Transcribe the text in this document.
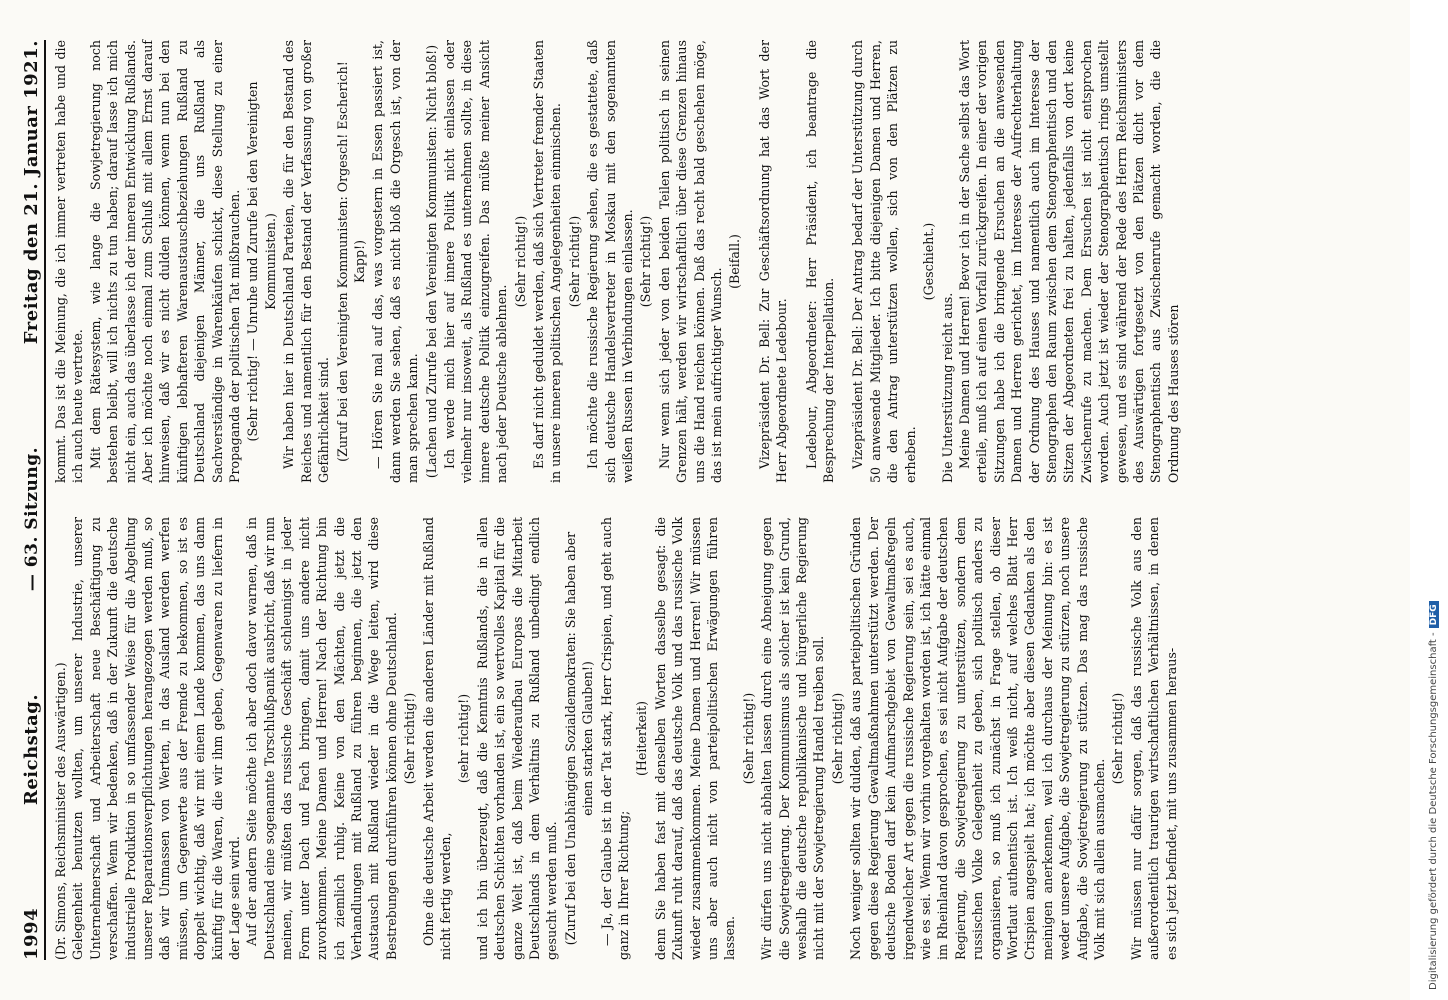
1994
Reichstag.
— 63. Sitzung.
Freitag den 21. Januar 1921.

(Dr. Simons, Reichsminister des Auswärtigen.) Gelegenheit benutzen wollten, um unserer Industrie, unserer Unternehmerschaft und Arbeiterschaft neue Beschäftigung zu verschaffen. Wenn wir bedenken, daß in der Zukunft die deutsche industrielle Produktion in so umfassender Weise für die Abgeltung unserer Reparationsverpflichtungen herangezogen werden muß, so daß wir Unmassen von Werten, in das Ausland werden werfen müssen, um Gegenwerte aus der Fremde zu bekommen, so ist es doppelt wichtig, daß wir mit einem Lande kommen, das uns dann künftig für die Waren, die wir ihm geben, Gegenwaren zu liefern in der Lage sein wird. Auf der andern Seite möchte ich aber doch davor warnen, daß in Deutschland eine sogenannte Torschlußpanik ausbricht, daß wir nun meinen, wir müßten das russische Geschäft schleunigst in jeder Form unter Dach und Fach bringen, damit uns andere nicht zuvorkommen. Meine Damen und Herren! Nach der Richtung bin ich ziemlich ruhig. Keine von den Mächten, die jetzt die Verhandlungen mit Rußland zu führen beginnen, die jetzt den Austausch mit Rußland wieder in die Wege leiten, wird diese Bestrebungen durchführen können ohne Deutschland. (Sehr richtig!) Ohne die deutsche Arbeit werden die anderen Länder mit Rußland nicht fertig werden,

(sehr richtig!) und ich bin überzeugt, daß die Kenntnis Rußlands, die in allen deutschen Schichten vorhanden ist, ein so wertvolles Kapital für die ganze Welt ist, daß beim Wiederaufbau Europas die Mitarbeit Deutschlands in dem Verhältnis zu Rußland unbedingt endlich gesucht werden muß. (Zuruf bei den Unabhängigen Sozialdemokraten: Sie haben aber einen starken Glauben!) — Ja, der Glaube ist in der Tat stark, Herr Crispien, und geht auch ganz in Ihrer Richtung;

(Heiterkeit) denn Sie haben fast mit denselben Worten dasselbe gesagt: die Zukunft ruht darauf, daß das deutsche Volk und das russische Volk wieder zusammenkommen. Meine Damen und Herren! Wir müssen uns aber auch nicht von parteipolitischen Erwägungen führen lassen.

(Sehr richtig!) Wir dürfen uns nicht abhalten lassen durch eine Abneigung gegen die Sowjetregierung. Der Kommunismus als solcher ist kein Grund, weshalb die deutsche republikanische und bürgerliche Regierung nicht mit der Sowjetregierung Handel treiben soll. (Sehr richtig!) Noch weniger sollten wir dulden, daß aus parteipolitischen Gründen gegen diese Regierung Gewaltmaßnahmen unterstützt werden. Der deutsche Boden darf kein Aufmarschgebiet von Gewaltmaßregeln irgendwelcher Art gegen die russische Regierung sein, sei es auch, wie es sei. Wenn wir vorhin vorgehalten worden ist, ich hätte einmal im Rheinland davon gesprochen, es sei nicht Aufgabe der deutschen Regierung, die Sowjetregierung zu unterstützen, sondern dem russischen Volke Gelegenheit zu geben, sich politisch anders zu organisieren, so muß ich zunächst in Frage stellen, ob dieser Wortlaut authentisch ist. Ich weiß nicht, auf welches Blatt Herr Crispien angespielt hat; ich möchte aber diesen Gedanken als den meinigen anerkennen, weil ich durchaus der Meinung bin: es ist weder unsere Aufgabe, die Sowjetregierung zu stürzen, noch unsere Aufgabe, die Sowjetregierung zu stützen. Das mag das russische Volk mit sich allein ausmachen.

(Sehr richtig!) Wir müssen nur dafür sorgen, daß das russische Volk aus den außerordentlich traurigen wirtschaftlichen Verhältnissen, in denen es sich jetzt befindet, mit uns zusammen heraus-

kommt. Das ist die Meinung, die ich immer vertreten habe und die ich auch heute vertrete. Mit dem Rätesystem, wie lange die Sowjetregierung noch bestehen bleibt, will ich nichts zu tun haben; darauf lasse ich mich nicht ein, auch das überlasse ich der inneren Entwicklung Rußlands. Aber ich möchte noch einmal zum Schluß mit allem Ernst darauf hinweisen, daß wir es nicht dulden können, wenn nun bei den künftigen lebhafteren Warenaustauschbeziehungen Rußland zu Deutschland diejenigen Männer, die uns Rußland als Sachverständige in Warenkäufen schickt, diese Stellung zu einer Propaganda der politischen Tat mißbrauchen. (Sehr richtig! — Unruhe und Zurufe bei den Vereinigten Kommunisten.) Wir haben hier in Deutschland Parteien, die für den Bestand des Reiches und namentlich für den Bestand der Verfassung von großer Gefährlichkeit sind. (Zuruf bei den Vereinigten Kommunisten: Orgesch! Escherich! Kapp!) — Hören Sie mal auf das, was vorgestern in Essen passiert ist, dann werden Sie sehen, daß es nicht bloß die Orgesch ist, von der man sprechen kann. (Lachen und Zurufe bei den Vereinigten Kommunisten: Nicht bloß!) Ich werde mich hier auf innere Politik nicht einlassen oder vielmehr nur insoweit, als Rußland es unternehmen sollte, in diese innere deutsche Politik einzugreifen. Das müßte meiner Ansicht nach jeder Deutsche ablehnen.

(Sehr richtig!) Es darf nicht geduldet werden, daß sich Vertreter fremder Staaten in unsere inneren politischen Angelegenheiten einmischen. (Sehr richtig!) Ich möchte die russische Regierung sehen, die es gestattete, daß sich deutsche Handelsvertreter in Moskau mit den sogenannten weißen Russen in Verbindungen einlassen. (Sehr richtig!) Nur wenn sich jeder von den beiden Teilen politisch in seinen Grenzen hält, werden wir wirtschaftlich über diese Grenzen hinaus uns die Hand reichen können. Daß das recht bald geschehen möge, das ist mein aufrichtiger Wunsch.

(Beifall.) Vizepräsident Dr. Bell: Zur Geschäftsordnung hat das Wort der Herr Abgeordnete Ledebour. Ledebour, Abgeordneter: Herr Präsident, ich beantrage die Besprechung der Interpellation. Vizepräsident Dr. Bell: Der Antrag bedarf der Unterstützung durch 50 anwesende Mitglieder. Ich bitte diejenigen Damen und Herren, die den Antrag unterstützen wollen, sich von den Plätzen zu erheben.

(Geschieht.)

Die Unterstützung reicht aus. Meine Damen und Herren! Bevor ich in der Sache selbst das Wort erteile, muß ich auf einen Vorfall zurückgreifen. In einer der vorigen Sitzungen habe ich die bringende Ersuchen an die anwesenden Damen und Herren gerichtet, im Interesse der Aufrechterhaltung der Ordnung des Hauses und namentlich auch im Interesse der Stenographen den Raum zwischen dem Stenographentisch und den Sitzen der Abgeordneten frei zu halten, jedenfalls von dort keine Zwischenrufe zu machen. Dem Ersuchen ist nicht entsprochen worden. Auch jetzt ist wieder der Stenographentisch rings umstellt gewesen, und es sind während der Rede des Herrn Reichsministers des Auswärtigen fortgesetzt von den Plätzen dicht vor dem Stenographentisch aus Zwischenrufe gemacht worden, die die Ordnung des Hauses stören

Digitalisierung gefördert durch die Deutsche Forschungsgemeinschaft -DFG
